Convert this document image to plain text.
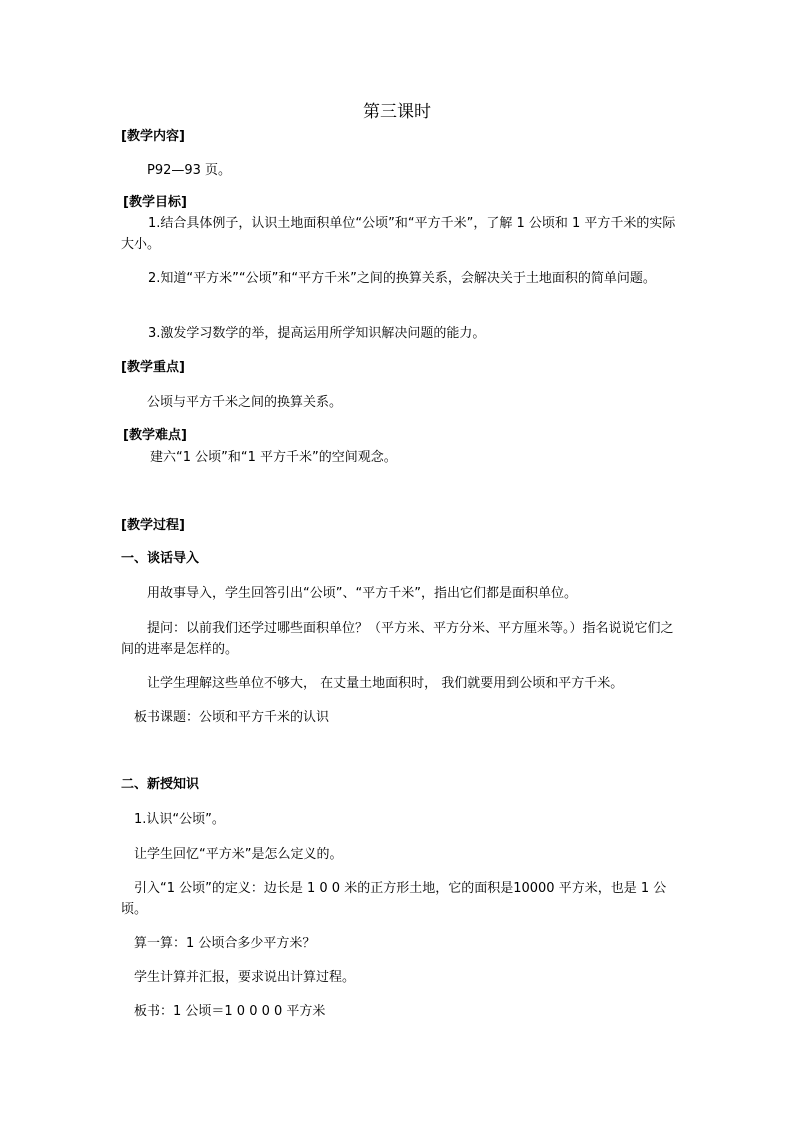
第三课时
[教学内容]

P92—93 页。

[教学目标]

1.结合具体例子，认识土地面积单位“公顷”和“平方千米”，了解 1 公顷和 1 平方千米的实际大小。

2.知道“平方米”“公顷”和“平方千米”之间的换算关系，会解决关于土地面积的简单问题。

3.激发学习数学的举，提高运用所学知识解决问题的能力。

[教学重点]

公顷与平方千米之间的换算关系。

[教学难点]

建六“1 公顷”和“1 平方千米”的空间观念。

[教学过程]
一、谈话导入

用故事导入，学生回答引出“公顷”、“平方千米”，指出它们都是面积单位。

提问：以前我们还学过哪些面积单位？（平方米、平方分米、平方厘米等。）指名说说它们之间的进率是怎样的。

让学生理解这些单位不够大， 在丈量土地面积时， 我们就要用到公顷和平方千米。

板书课题：公顷和平方千米的认识

二、新授知识

1.认识“公顷”。

让学生回忆“平方米”是怎么定义的。

引入“1 公顷”的定义：边长是 1 0 0 米的正方形土地，它的面积是10000 平方米，也是 1 公顷。

算一算：1 公顷合多少平方米？

学生计算并汇报，要求说出计算过程。

板书：1 公顷＝1 0 0 0 0 平方米
